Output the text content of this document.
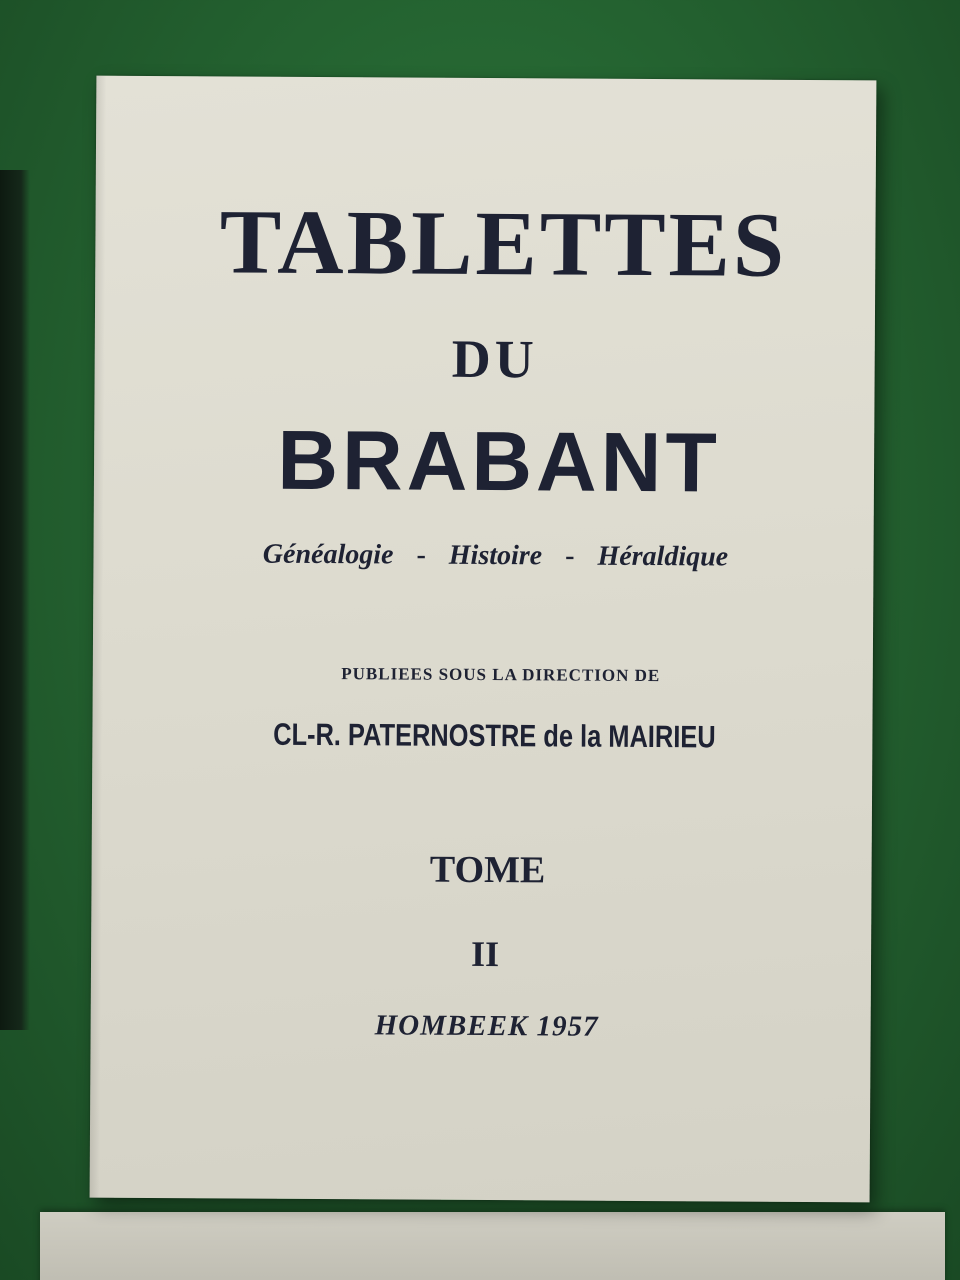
TABLETTES
DU
BRABANT
Généalogie - Histoire - Héraldique
PUBLIEES SOUS LA DIRECTION DE
CL-R. PATERNOSTRE de la MAIRIEU
TOME
II
HOMBEEK 1957
